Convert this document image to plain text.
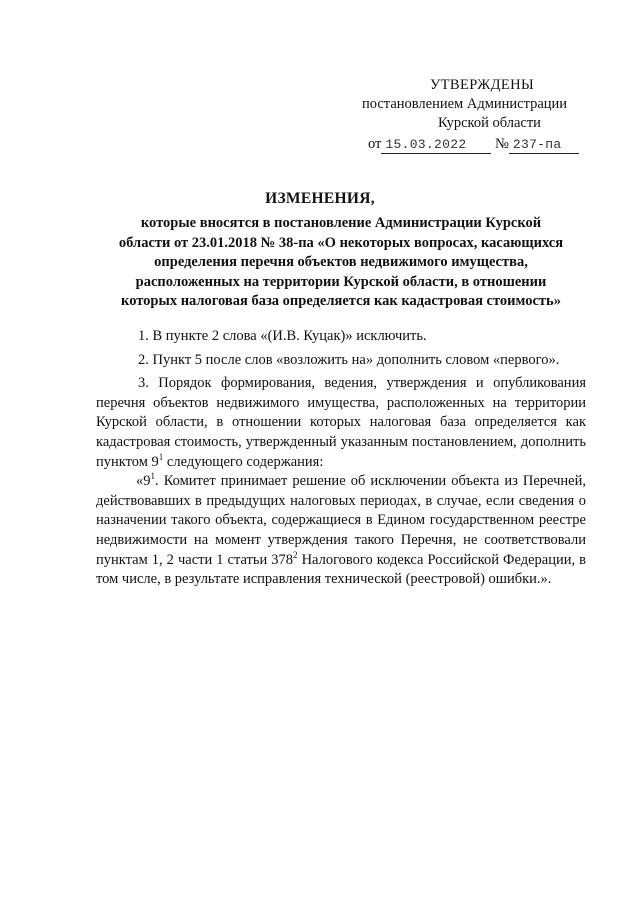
УТВЕРЖДЕНЫ
постановлением Администрации
Курской области
от 15.03.2022 № 237-па
ИЗМЕНЕНИЯ,
которые вносятся в постановление Администрации Курской
области от 23.01.2018 № 38-па «О некоторых вопросах, касающихся
определения перечня объектов недвижимого имущества,
расположенных на территории Курской области, в отношении
которых налоговая база определяется как кадастровая стоимость»

1. В пункте 2 слова «(И.В. Куцак)» исключить.

2. Пункт 5 после слов «возложить на» дополнить словом «первого».

3. Порядок формирования, ведения, утверждения и опубликования перечня объектов недвижимого имущества, расположенных на территории Курской области, в отношении которых налоговая база определяется как кадастровая стоимость, утвержденный указанным постановлением, дополнить пунктом $9^1$ следующего содержания:

«$9^1$. Комитет принимает решение об исключении объекта из Перечней, действовавших в предыдущих налоговых периодах, в случае, если сведения о назначении такого объекта, содержащиеся в Едином государственном реестре недвижимости на момент утверждения такого Перечня, не соответствовали пунктам 1, 2 части 1 статьи $378^2$ Налогового кодекса Российской Федерации, в том числе, в результате исправления технической (реестровой) ошибки.».
